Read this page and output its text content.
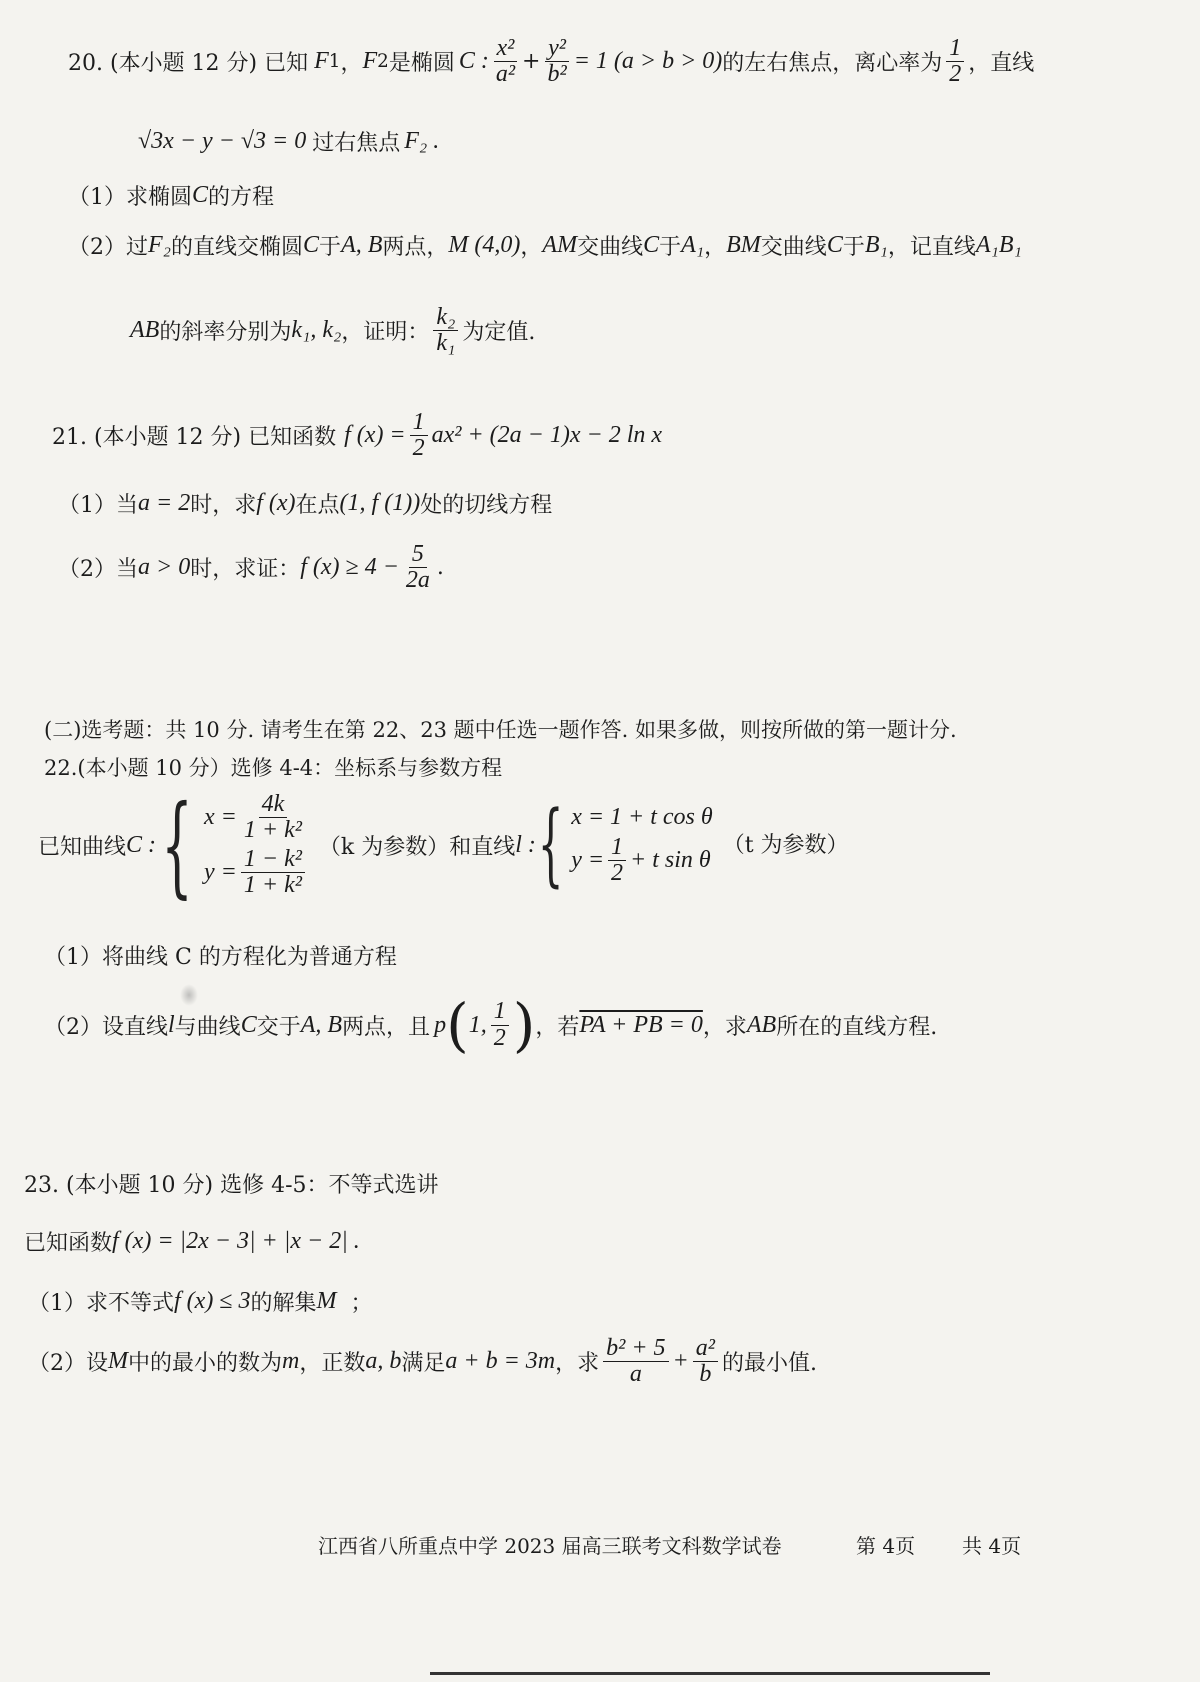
20. (本小题 12 分) 已知 F 1 ， F 2 是椭圆 C : $\frac{\text{x²}}{\text{a²}} + \frac{\text{y²}}{\text{b²}} = 1$ (a > b > 0) 的左右焦点，离心率为 $\frac{1}{2}$ ，直线
√3x − y − √3 = 0 过右焦点 F₂ .
（1）求椭圆 C 的方程
（2）过 F₂ 的直线交椭圆 C 于 A, B 两点， M (4,0) ， AM 交曲线 C 于 A₁ ， BM 交曲线 C 于 B₁ ，记直线 A₁B₁
AB 的斜率分别为 k₁, k₂ ，证明： $\frac{\text{k₂}}{\text{k₁}}$ 为定值.
21. (本小题 12 分) 已知函数 f $(x) = \frac{1}{2} ax^2 + (2a - 1)x - 2$ ln x
（1）当 a = 2 时，求 f (x) 在点 (1, f (1)) 处的切线方程
（2）当 a > 0 时，求证： f $(x) \ge 4 - \frac{5}{2a}$ .
(二)选考题：共 10 分. 请考生在第 22、23 题中任选一题作答. 如果多做，则按所做的第一题计分.
22.(本小题 10 分）选修 4-4：坐标系与参数方程
已知曲线 C : { $x = \frac{4k}{\text{1 + k²}}$
$y = \frac{\text{1 − k²}}{\text{1 + k²}} (k$ 为参数）和直线 l : { x = 1 + t cos θ
$y = \frac{1}{2} + t$ sin θ
（t 为参数）
（1）将曲线 C 的方程化为普通方程
（2）设直线 l 与曲线 C 交于 A, B 两点，且 p ( 1, $\frac{1}{2}$ ) ，若 PA + PB = 0 ，求 AB 所在的直线方程.
23. (本小题 10 分) 选修 4-5：不等式选讲
已知函数 f (x) = |2x − 3| + |x − 2| .
（1）求不等式 f (x) ≤ 3 的解集 M ；
（2）设 M 中的最小的数为 m ，正数 a, b 满足 a + b = 3m ，求 $\frac{\text{b² + 5}}{a} + \frac{\text{a²}}{b}$ 的最小值.
江西省八所重点中学 2023 届高三联考文科数学试卷	第 4页 共 4页
